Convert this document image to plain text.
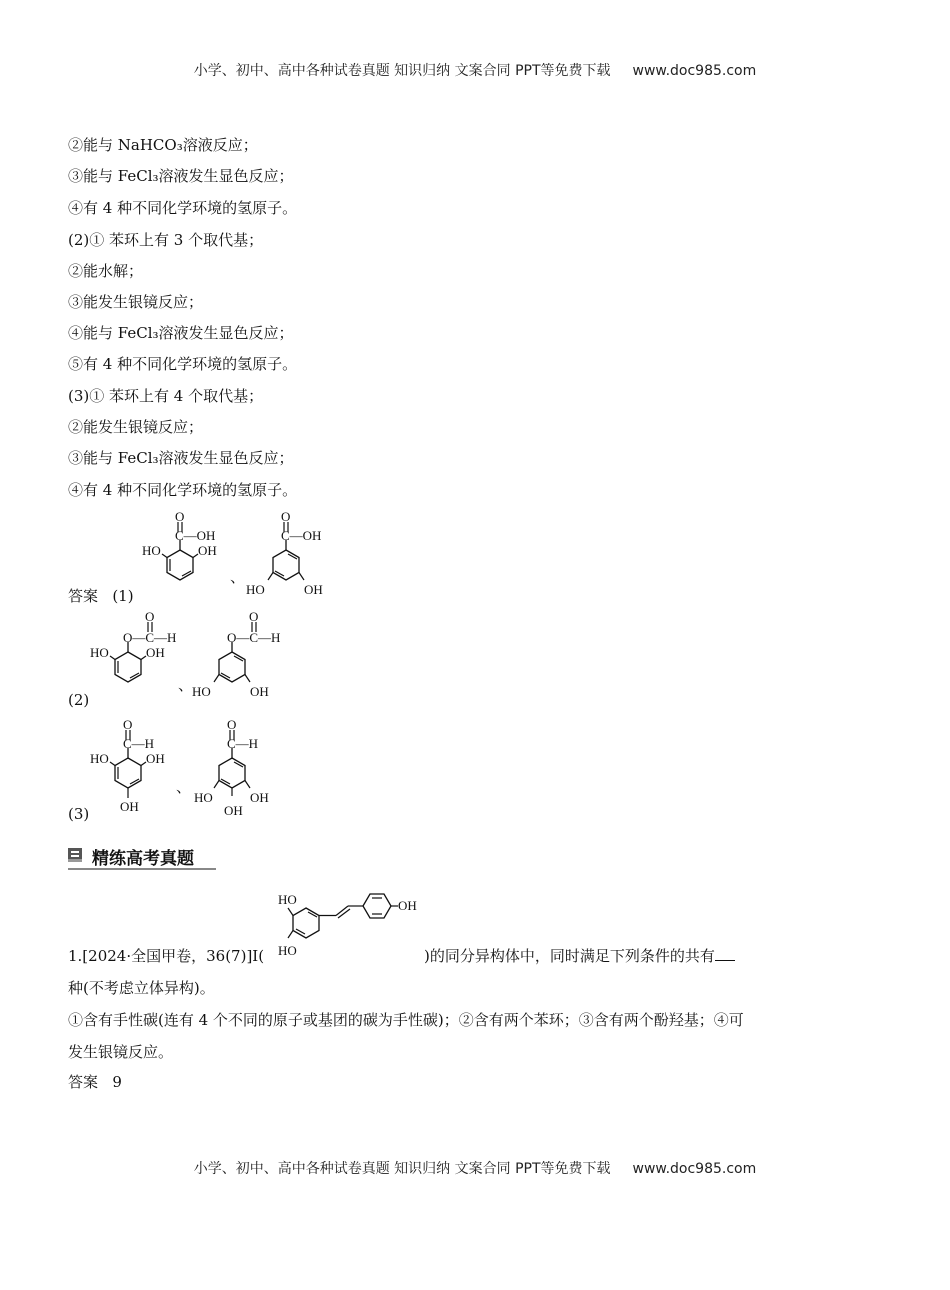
小学、初中、高中各种试卷真题 知识归纳 文案合同 PPT等免费下载 www.doc985.com
②能与 NaHCO₃溶液反应；
③能与 FeCl₃溶液发生显色反应；
④有 4 种不同化学环境的氢原子。
(2)① 苯环上有 3 个取代基；
②能水解；
③能发生银镜反应；
④能与 FeCl₃溶液发生显色反应；
⑤有 4 种不同化学环境的氢原子。
(3)① 苯环上有 4 个取代基；
②能发生银镜反应；
③能与 FeCl₃溶液发生显色反应；
④有 4 种不同化学环境的氢原子。
答案 (1)
O
C—OH
HO	OH
、
O
C—OH
HO	OH
(2)
O
O—C—H
HO	OH
、
O
O—C—H
HO	OH
(3)
O
C—H
HO	OH
OH
、
O
C—H
HO	OH
OH
精练高考真题
HO	OH
1.[2024·全国甲卷，36(7)]I( HO	)的同分异构体中，同时满足下列条件的共有
种(不考虑立体异构)。
①含有手性碳(连有 4 个不同的原子或基团的碳为手性碳)；②含有两个苯环；③含有两个酚羟基；④可
发生银镜反应。
答案 9
小学、初中、高中各种试卷真题 知识归纳 文案合同 PPT等免费下载 www.doc985.com
